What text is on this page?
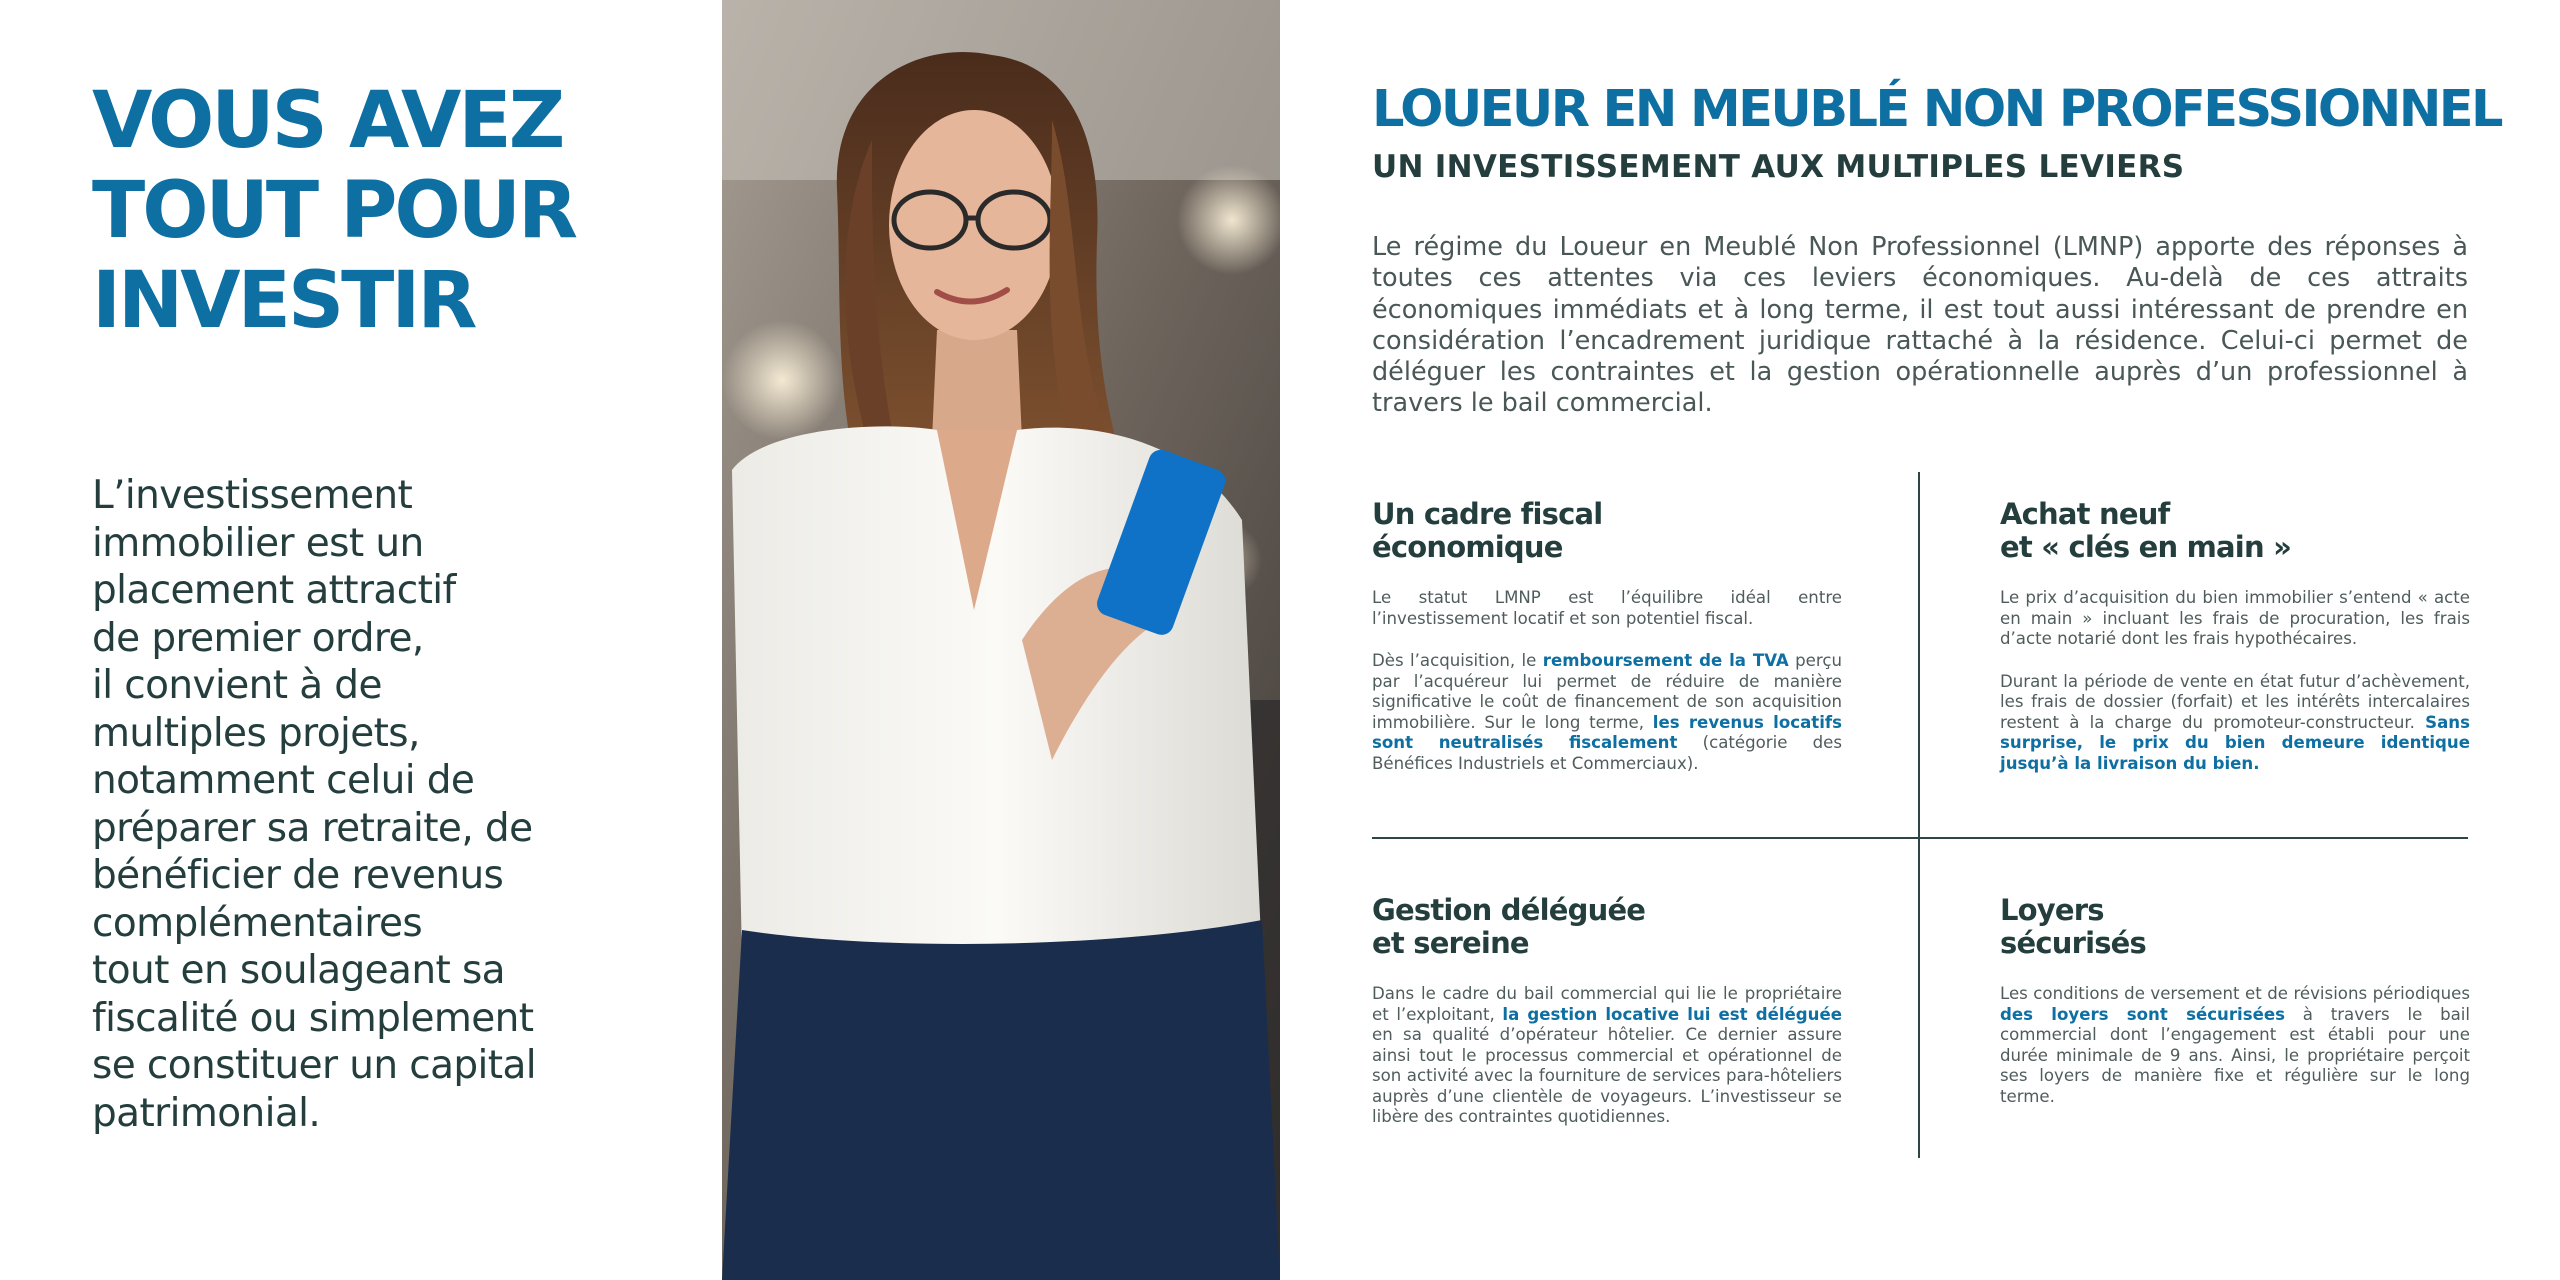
VOUS AVEZ
TOUT POUR
INVESTIR

L’investissement
immobilier est un
placement attractif
de premier ordre,
il convient à de
multiples projets,
notamment celui de
préparer sa retraite, de
bénéficier de revenus
complémentaires
tout en soulageant sa
fiscalité ou simplement
se constituer un capital
patrimonial.

LOUEUR EN MEUBLÉ NON PROFESSIONNEL
UN INVESTISSEMENT AUX MULTIPLES LEVIERS

Le régime du Loueur en Meublé Non Professionnel (LMNP) apporte des réponses à toutes ces attentes via ces leviers économiques. Au-delà de ces attraits économiques immédiats et à long terme, il est tout aussi intéressant de prendre en considération l’encadrement juridique rattaché à la résidence. Celui-ci permet de déléguer les contraintes et la gestion opérationnelle auprès d’un professionnel à travers le bail commercial.

Un cadre fiscal
économique

Le statut LMNP est l’équilibre idéal entre l’investissement locatif et son potentiel fiscal.

Dès l’acquisition, le remboursement de la TVA perçu par l’acquéreur lui permet de réduire de manière significative le coût de financement de son acquisition immobilière. Sur le long terme, les revenus locatifs sont neutralisés fiscalement (catégorie des Bénéfices Industriels et Commerciaux).

Achat neuf
et « clés en main »

Le prix d’acquisition du bien immobilier s’entend « acte en main » incluant les frais de procuration, les frais d’acte notarié dont les frais hypothécaires.

Durant la période de vente en état futur d’achèvement, les frais de dossier (forfait) et les intérêts intercalaires restent à la charge du promoteur-constructeur. Sans surprise, le prix du bien demeure identique jusqu’à la livraison du bien.

Gestion déléguée
et sereine

Dans le cadre du bail commercial qui lie le propriétaire et l’exploitant, la gestion locative lui est déléguée en sa qualité d’opérateur hôtelier. Ce dernier assure ainsi tout le processus commercial et opérationnel de son activité avec la fourniture de services para-hôteliers auprès d’une clientèle de voyageurs. L’investisseur se libère des contraintes quotidiennes.

Loyers
sécurisés

Les conditions de versement et de révisions périodiques des loyers sont sécurisées à travers le bail commercial dont l’engagement est établi pour une durée minimale de 9 ans. Ainsi, le propriétaire perçoit ses loyers de manière fixe et régulière sur le long terme.
